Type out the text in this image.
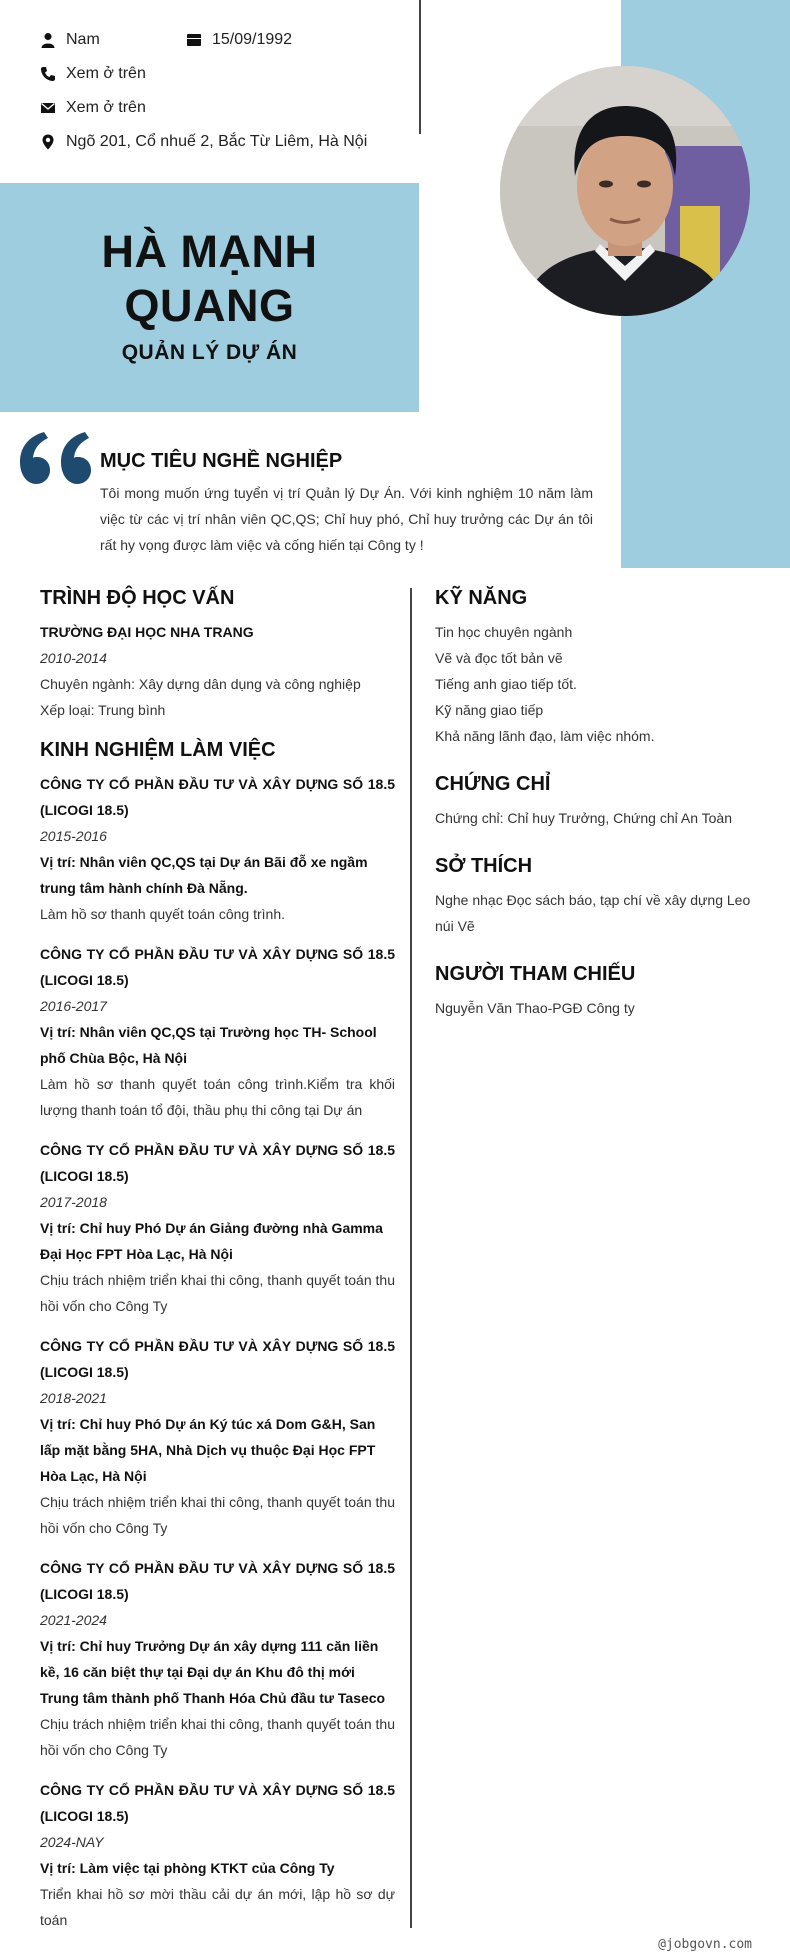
Nam	15/09/1992
Xem ở trên
Xem ở trên
Ngõ 201, Cổ nhuế 2, Bắc Từ Liêm, Hà Nội
HÀ MẠNH
QUANG
QUẢN LÝ DỰ ÁN
MỤC TIÊU NGHỀ NGHIỆP
Tôi mong muốn ứng tuyển vị trí Quản lý Dự Án. Với kinh nghiệm 10 năm làm việc từ các vị trí nhân viên QC,QS; Chỉ huy phó, Chỉ huy trưởng các Dự án tôi rất hy vọng được làm việc và cống hiến tại Công ty !
TRÌNH ĐỘ HỌC VẤN
TRƯỜNG ĐẠI HỌC NHA TRANG
2010-2014
Chuyên ngành: Xây dựng dân dụng và công nghiệp
Xếp loại: Trung bình
KINH NGHIỆM LÀM VIỆC
CÔNG TY CỔ PHẦN ĐẦU TƯ VÀ XÂY DỰNG SỐ 18.5 (LICOGI 18.5)
2015-2016
Vị trí: Nhân viên QC,QS tại Dự án Bãi đỗ xe ngầm trung tâm hành chính Đà Nẵng.
Làm hồ sơ thanh quyết toán công trình.
CÔNG TY CỔ PHẦN ĐẦU TƯ VÀ XÂY DỰNG SỐ 18.5 (LICOGI 18.5)
2016-2017
Vị trí: Nhân viên QC,QS tại Trường học TH- School phố Chùa Bộc, Hà Nội
Làm hồ sơ thanh quyết toán công trình.Kiểm tra khối lượng thanh toán tổ đội, thầu phụ thi công tại Dự án
CÔNG TY CỔ PHẦN ĐẦU TƯ VÀ XÂY DỰNG SỐ 18.5 (LICOGI 18.5)
2017-2018
Vị trí: Chỉ huy Phó Dự án Giảng đường nhà Gamma Đại Học FPT Hòa Lạc, Hà Nội
Chịu trách nhiệm triển khai thi công, thanh quyết toán thu hồi vốn cho Công Ty
CÔNG TY CỔ PHẦN ĐẦU TƯ VÀ XÂY DỰNG SỐ 18.5 (LICOGI 18.5)
2018-2021
Vị trí: Chỉ huy Phó Dự án Ký túc xá Dom G&H, San lấp mặt bằng 5HA, Nhà Dịch vụ thuộc Đại Học FPT Hòa Lạc, Hà Nội
Chịu trách nhiệm triển khai thi công, thanh quyết toán thu hồi vốn cho Công Ty
CÔNG TY CỔ PHẦN ĐẦU TƯ VÀ XÂY DỰNG SỐ 18.5 (LICOGI 18.5)
2021-2024
Vị trí: Chỉ huy Trưởng Dự án xây dựng 111 căn liền kề, 16 căn biệt thự tại Đại dự án Khu đô thị mới Trung tâm thành phố Thanh Hóa Chủ đầu tư Taseco
Chịu trách nhiệm triển khai thi công, thanh quyết toán thu hồi vốn cho Công Ty
CÔNG TY CỔ PHẦN ĐẦU TƯ VÀ XÂY DỰNG SỐ 18.5 (LICOGI 18.5)
2024-NAY
Vị trí: Làm việc tại phòng KTKT của Công Ty
Triển khai hồ sơ mời thầu cải dự án mới, lập hồ sơ dự toán
KỸ NĂNG
Tin học chuyên ngành
Vẽ và đọc tốt bản vẽ
Tiếng anh giao tiếp tốt.
Kỹ năng giao tiếp
Khả năng lãnh đạo, làm việc nhóm.
CHỨNG CHỈ
Chứng chỉ: Chỉ huy Trưởng, Chứng chỉ An Toàn
SỞ THÍCH
Nghe nhạc Đọc sách báo, tạp chí về xây dựng Leo núi Vẽ
NGƯỜI THAM CHIẾU
Nguyễn Văn Thao-PGĐ Công ty
@jobgovn.com
